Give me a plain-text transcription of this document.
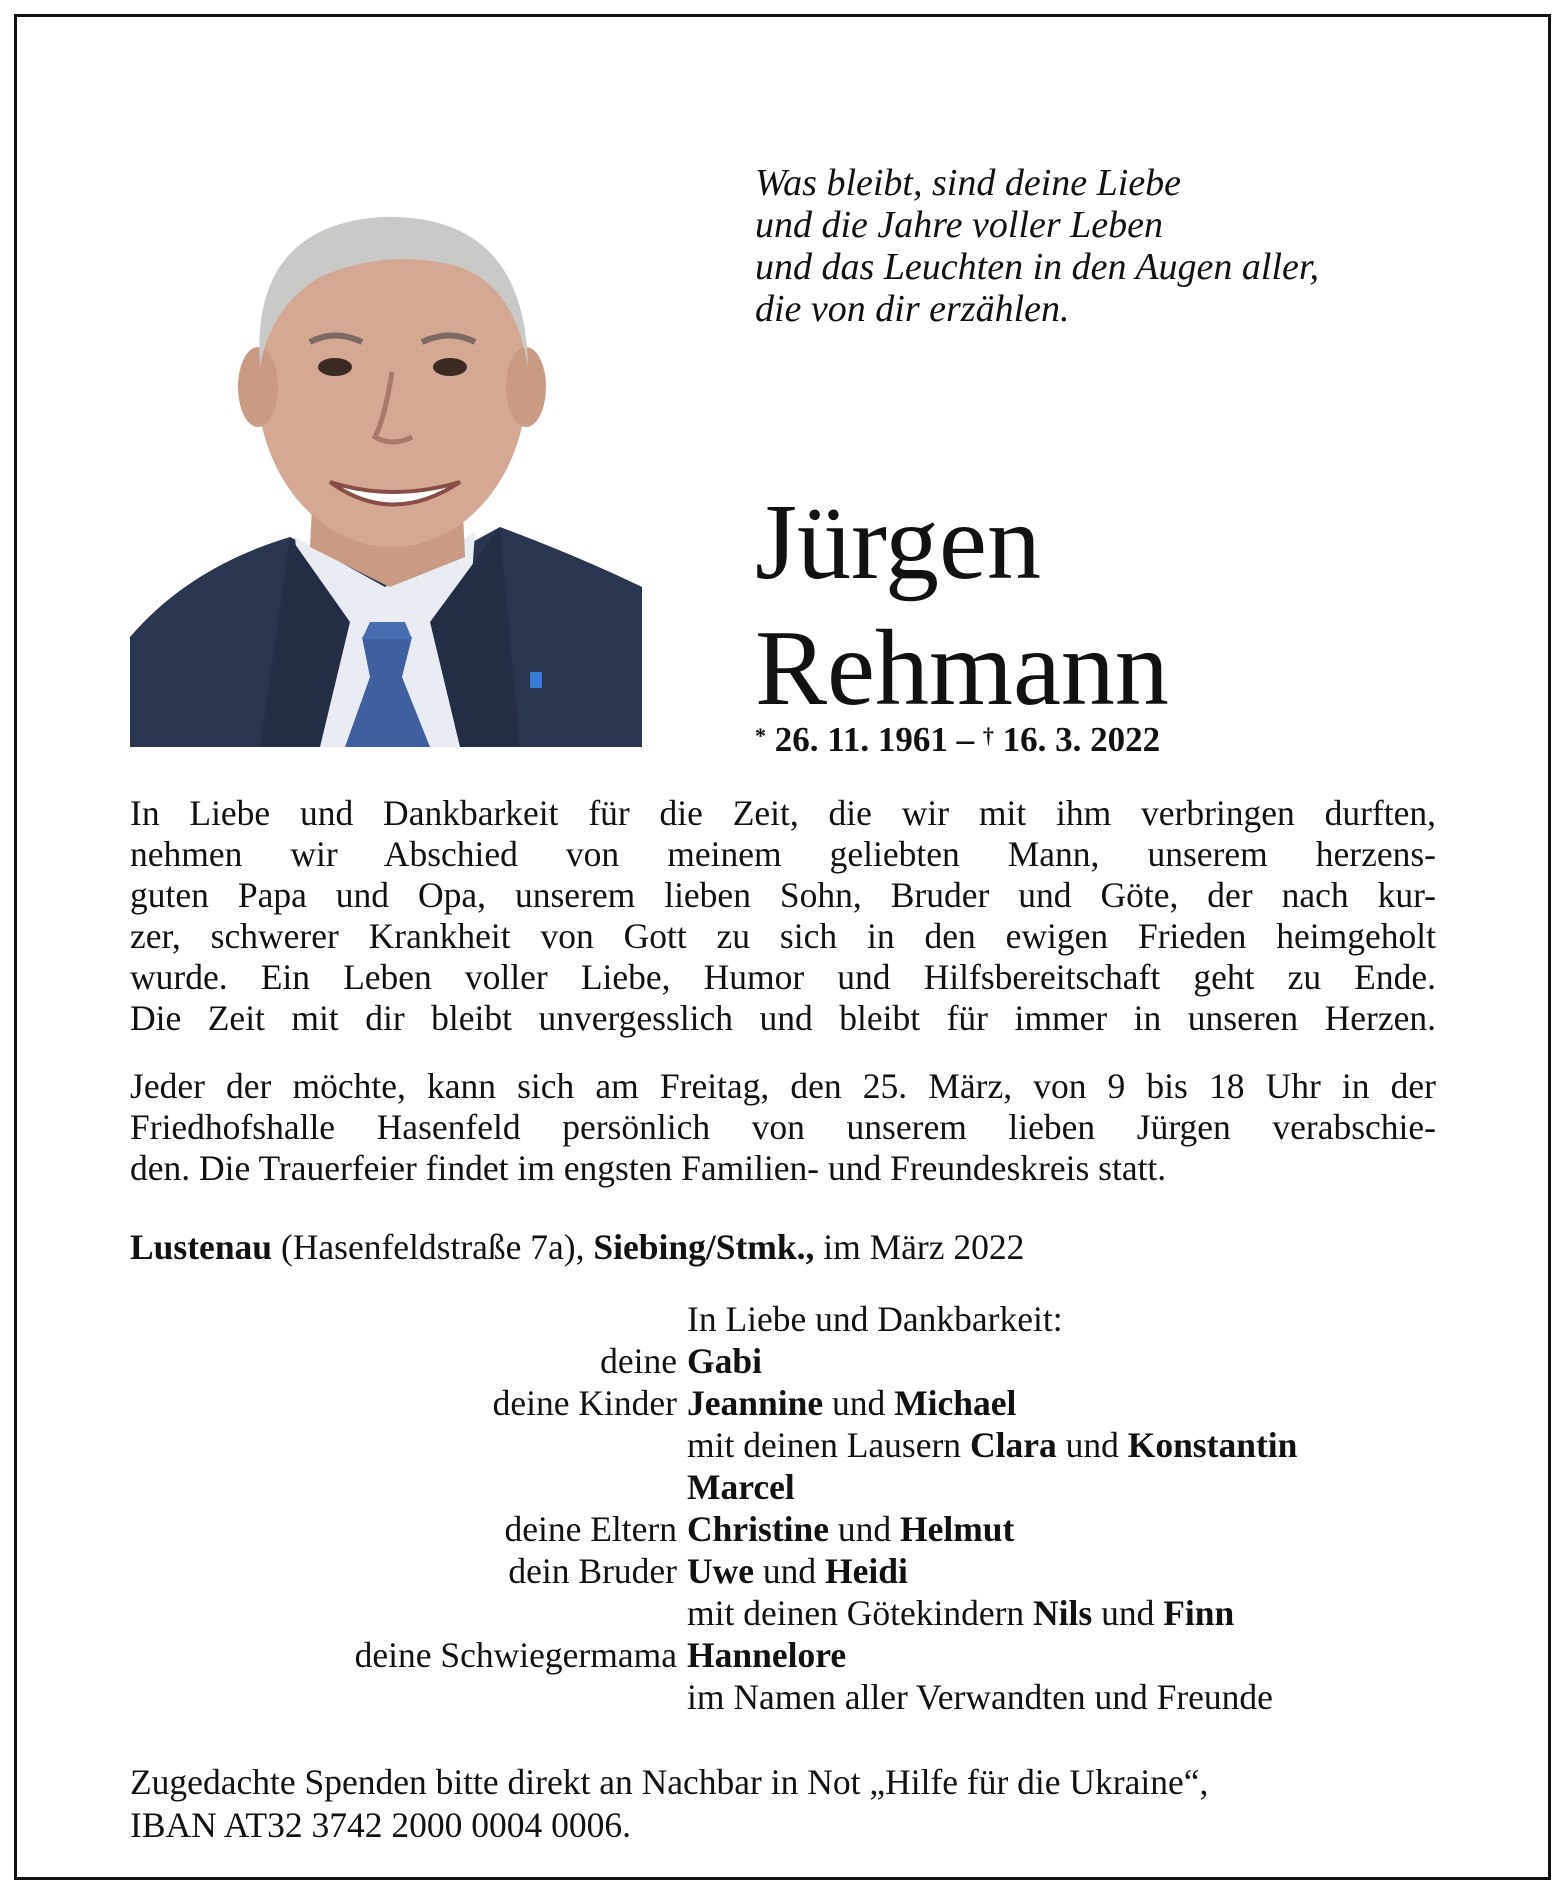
Was bleibt, sind deine Liebe
und die Jahre voller Leben
und das Leuchten in den Augen aller,
die von dir erzählen.
Jürgen
Rehmann
* 26. 11. 1961 – † 16. 3. 2022
In Liebe und Dankbarkeit für die Zeit, die wir mit ihm verbringen durften,
nehmen wir Abschied von meinem geliebten Mann, unserem herzens-
guten Papa und Opa, unserem lieben Sohn, Bruder und Göte, der nach kur-
zer, schwerer Krankheit von Gott zu sich in den ewigen Frieden heimgeholt
wurde. Ein Leben voller Liebe, Humor und Hilfsbereitschaft geht zu Ende.
Die Zeit mit dir bleibt unvergesslich und bleibt für immer in unseren Herzen.
Jeder der möchte, kann sich am Freitag, den 25. März, von 9 bis 18 Uhr in der
Friedhofshalle Hasenfeld persönlich von unserem lieben Jürgen verabschie-
den. Die Trauerfeier findet im engsten Familien- und Freundeskreis statt.
Lustenau (Hasenfeldstraße 7a), Siebing/Stmk., im März 2022
In Liebe und Dankbarkeit:
deine Gabi
deine Kinder Jeannine und Michael
mit deinen Lausern Clara und Konstantin
Marcel
deine Eltern Christine und Helmut
dein Bruder Uwe und Heidi
mit deinen Götekindern Nils und Finn
deine Schwiegermama Hannelore
im Namen aller Verwandten und Freunde
Zugedachte Spenden bitte direkt an Nachbar in Not „Hilfe für die Ukraine“,
IBAN AT32 3742 2000 0004 0006.
